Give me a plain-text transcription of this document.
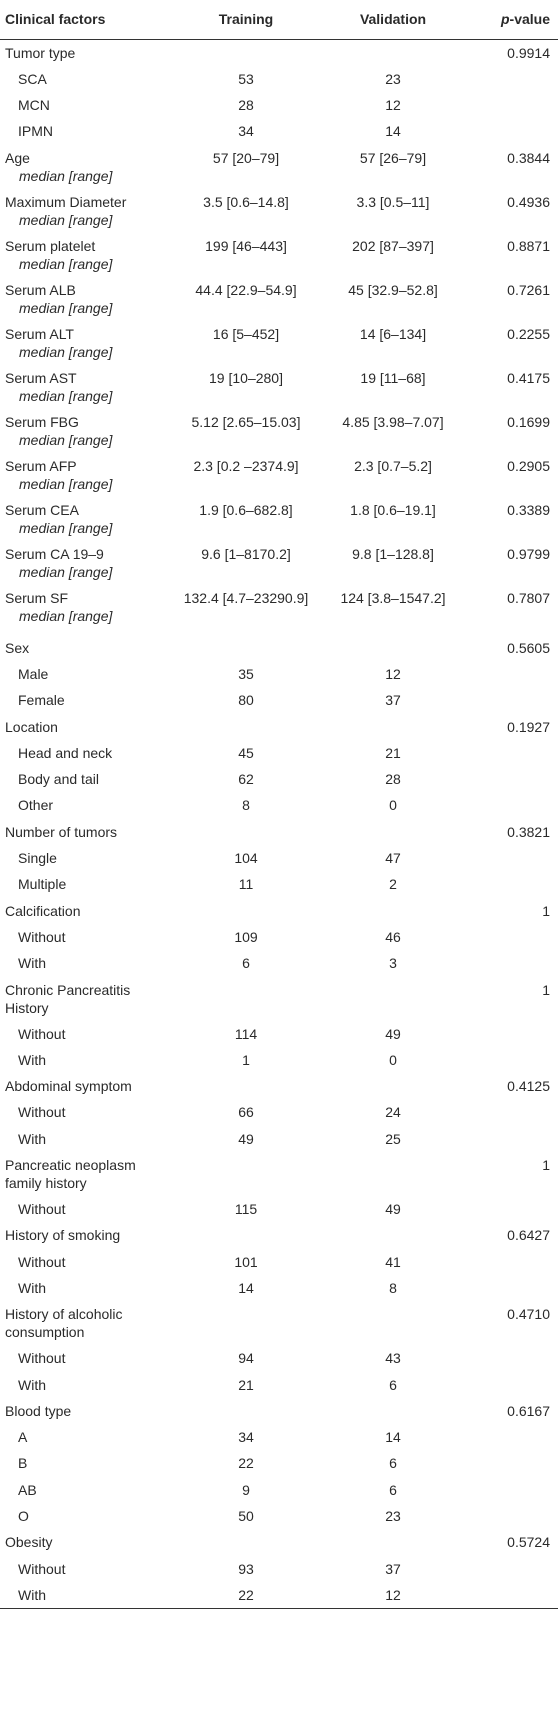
Clinical factors	Training	Validation	p-value
Tumor type			0.9914
SCA	53	23	
MCN	28	12	
IPMN	34	14	
Age
median [range]	57 [20–79]	57 [26–79]	0.3844
Maximum Diameter
median [range]	3.5 [0.6–14.8]	3.3 [0.5–11]	0.4936
Serum platelet
median [range]	199 [46–443]	202 [87–397]	0.8871
Serum ALB
median [range]	44.4 [22.9–54.9]	45 [32.9–52.8]	0.7261
Serum ALT
median [range]	16 [5–452]	14 [6–134]	0.2255
Serum AST
median [range]	19 [10–280]	19 [11–68]	0.4175
Serum FBG
median [range]	5.12 [2.65–15.03]	4.85 [3.98–7.07]	0.1699
Serum AFP
median [range]	2.3 [0.2 –2374.9]	2.3 [0.7–5.2]	0.2905
Serum CEA
median [range]	1.9 [0.6–682.8]	1.8 [0.6–19.1]	0.3389
Serum CA 19–9
median [range]	9.6 [1–8170.2]	9.8 [1–128.8]	0.9799
Serum SF
median [range]	132.4 [4.7–23290.9]	124 [3.8–1547.2]	0.7807
Sex			0.5605
Male	35	12	
Female	80	37	
Location			0.1927
Head and neck	45	21	
Body and tail	62	28	
Other	8	0	
Number of tumors			0.3821
Single	104	47	
Multiple	11	2	
Calcification			1
Without	109	46	
With	6	3	
Chronic Pancreatitis History			1
Without	114	49	
With	1	0	
Abdominal symptom			0.4125
Without	66	24	
With	49	25	
Pancreatic neoplasm family history			1
Without	115	49	
History of smoking			0.6427
Without	101	41	
With	14	8	
History of alcoholic consumption			0.4710
Without	94	43	
With	21	6	
Blood type			0.6167
A	34	14	
B	22	6	
AB	9	6	
O	50	23	
Obesity			0.5724
Without	93	37	
With	22	12	
